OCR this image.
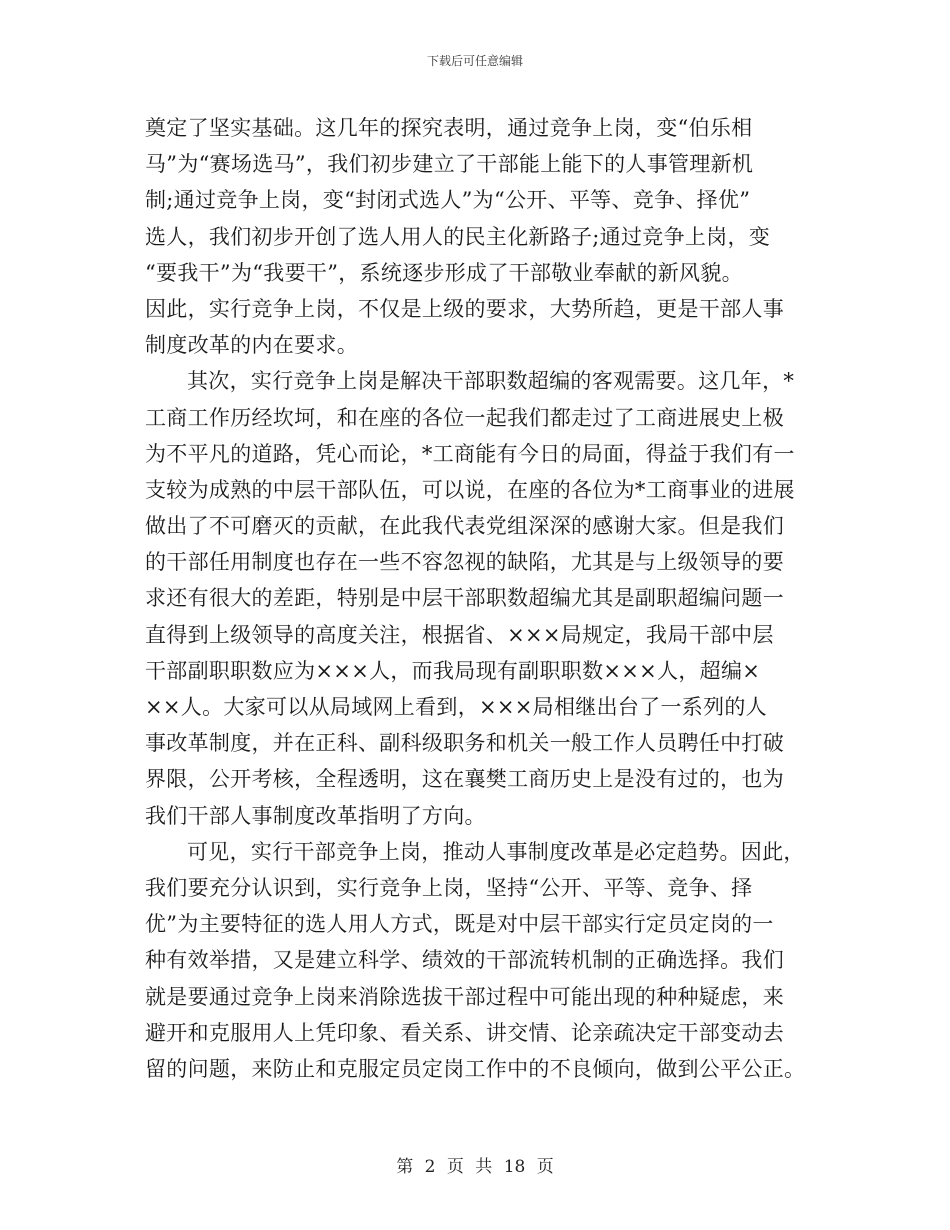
下载后可任意编辑
奠定了坚实基础。这几年的探究表明，通过竞争上岗，变“伯乐相
马”为“赛场选马”，我们初步建立了干部能上能下的人事管理新机
制;通过竞争上岗，变“封闭式选人”为“公开、平等、竞争、择优”
选人，我们初步开创了选人用人的民主化新路子;通过竞争上岗，变
“要我干”为“我要干”，系统逐步形成了干部敬业奉献的新风貌。
因此，实行竞争上岗，不仅是上级的要求，大势所趋，更是干部人事
制度改革的内在要求。
其次，实行竞争上岗是解决干部职数超编的客观需要。这几年，*
工商工作历经坎坷，和在座的各位一起我们都走过了工商进展史上极
为不平凡的道路，凭心而论，*工商能有今日的局面，得益于我们有一
支较为成熟的中层干部队伍，可以说，在座的各位为*工商事业的进展
做出了不可磨灭的贡献，在此我代表党组深深的感谢大家。但是我们
的干部任用制度也存在一些不容忽视的缺陷，尤其是与上级领导的要
求还有很大的差距，特别是中层干部职数超编尤其是副职超编问题一
直得到上级领导的高度关注，根据省、×××局规定，我局干部中层
干部副职职数应为×××人，而我局现有副职职数×××人，超编×
××人。大家可以从局域网上看到，×××局相继出台了一系列的人
事改革制度，并在正科、副科级职务和机关一般工作人员聘任中打破
界限，公开考核，全程透明，这在襄樊工商历史上是没有过的，也为
我们干部人事制度改革指明了方向。
可见，实行干部竞争上岗，推动人事制度改革是必定趋势。因此，
我们要充分认识到，实行竞争上岗，坚持“公开、平等、竞争、择
优”为主要特征的选人用人方式，既是对中层干部实行定员定岗的一
种有效举措，又是建立科学、绩效的干部流转机制的正确选择。我们
就是要通过竞争上岗来消除选拔干部过程中可能出现的种种疑虑，来
避开和克服用人上凭印象、看关系、讲交情、论亲疏决定干部变动去
留的问题，来防止和克服定员定岗工作中的不良倾向，做到公平公正。
第 2 页 共 18 页
